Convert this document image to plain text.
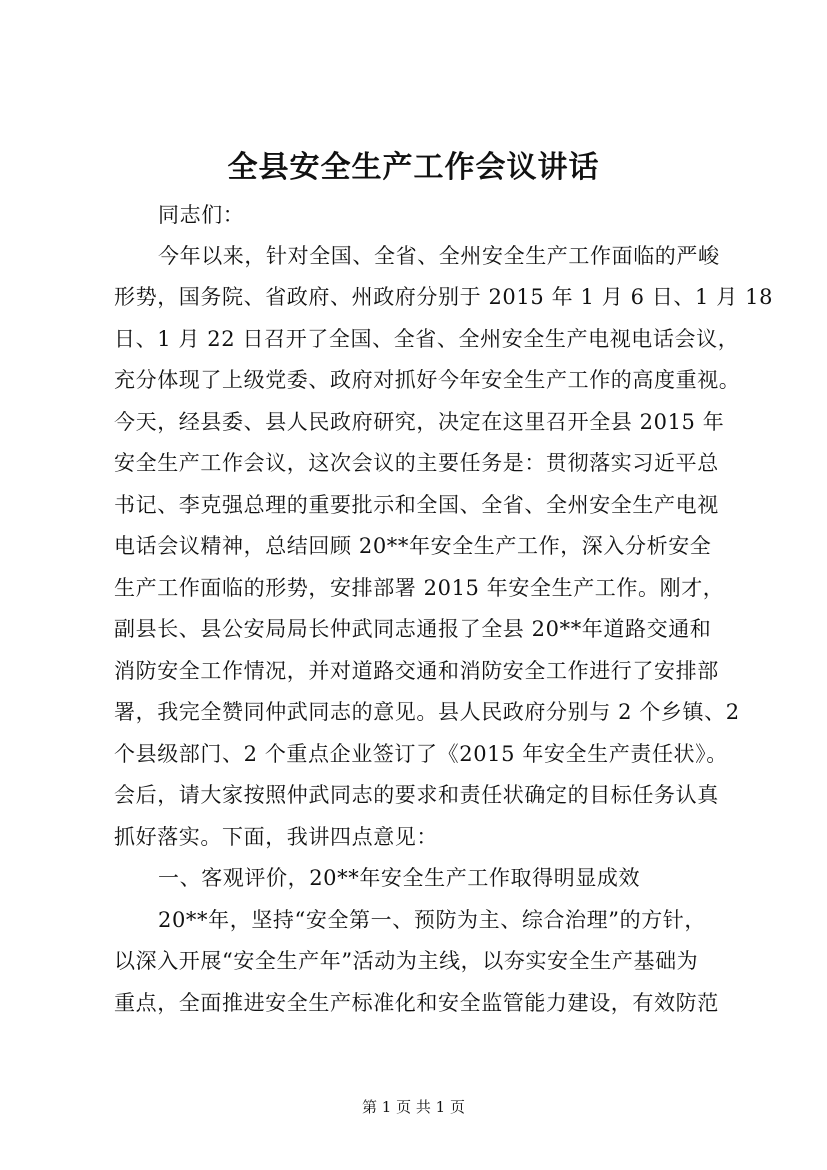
全县安全生产工作会议讲话
同志们：
今年以来，针对全国、全省、全州安全生产工作面临的严峻
形势，国务院、省政府、州政府分别于 2015 年 1 月 6 日、1 月 18
日、1 月 22 日召开了全国、全省、全州安全生产电视电话会议，
充分体现了上级党委、政府对抓好今年安全生产工作的高度重视。
今天，经县委、县人民政府研究，决定在这里召开全县 2015 年
安全生产工作会议，这次会议的主要任务是：贯彻落实习近平总
书记、李克强总理的重要批示和全国、全省、全州安全生产电视
电话会议精神，总结回顾 20**年安全生产工作，深入分析安全
生产工作面临的形势，安排部署 2015 年安全生产工作。刚才，
副县长、县公安局局长仲武同志通报了全县 20**年道路交通和
消防安全工作情况，并对道路交通和消防安全工作进行了安排部
署，我完全赞同仲武同志的意见。县人民政府分别与 2 个乡镇、2
个县级部门、2 个重点企业签订了《2015 年安全生产责任状》。
会后，请大家按照仲武同志的要求和责任状确定的目标任务认真
抓好落实。下面，我讲四点意见：
一、客观评价，20**年安全生产工作取得明显成效
20**年，坚持“安全第一、预防为主、综合治理”的方针，
以深入开展“安全生产年”活动为主线，以夯实安全生产基础为
重点，全面推进安全生产标准化和安全监管能力建设，有效防范
第 1 页 共 1 页
